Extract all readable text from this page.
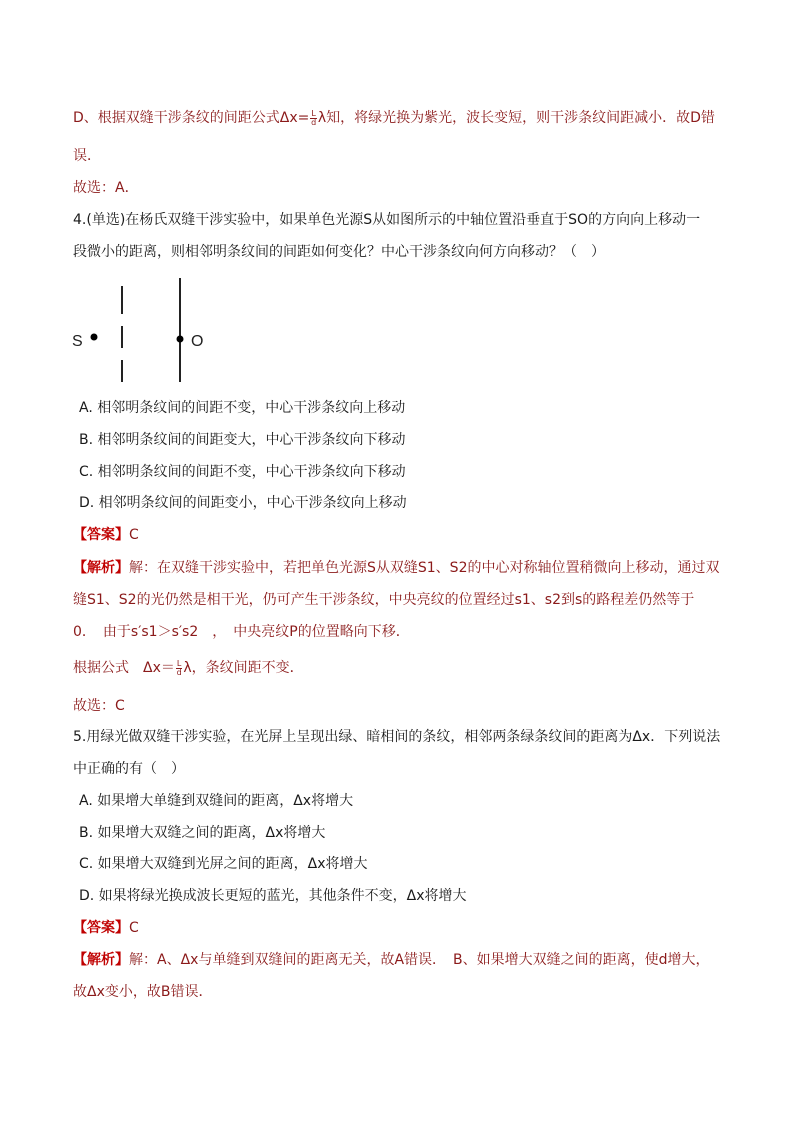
D、根据双缝干涉条纹的间距公式$\Delta x= \frac{L}{d}$ λ知，将绿光换为紫光，波长变短，则干涉条纹间距减小．故D错
误．
故选：A．
4.(单选)在杨氏双缝干涉实验中，如果单色光源S从如图所示的中轴位置沿垂直于SO的方向向上移动一
段微小的距离，则相邻明条纹间的间距如何变化？中心干涉条纹向何方向移动？（　）
S	O
A. 相邻明条纹间的间距不变，中心干涉条纹向上移动
B. 相邻明条纹间的间距变大，中心干涉条纹向下移动
C. 相邻明条纹间的间距不变，中心干涉条纹向下移动
D. 相邻明条纹间的间距变小，中心干涉条纹向上移动
【答案】C
【解析】解：在双缝干涉实验中，若把单色光源S从双缝S1、S2的中心对称轴位置稍微向上移动，通过双
缝S1、S2的光仍然是相干光，仍可产生干涉条纹，中央亮纹的位置经过s1、s2到s的路程差仍然等于
0．　由于s′s1＞s′s2　，　中央亮纹P的位置略向下移．
根据公式　$\Delta x= \frac{L}{d}$ λ，条纹间距不变．
故选：C
5.用绿光做双缝干涉实验，在光屏上呈现出绿、暗相间的条纹，相邻两条绿条纹间的距离为Δx．下列说法
中正确的有（　）
A. 如果增大单缝到双缝间的距离，Δx将增大
B. 如果增大双缝之间的距离，Δx将增大
C. 如果增大双缝到光屏之间的距离，Δx将增大
D. 如果将绿光换成波长更短的蓝光，其他条件不变，Δx将增大
【答案】C
【解析】解：A、Δx与单缝到双缝间的距离无关，故A错误．　B、如果增大双缝之间的距离，使d增大，
故Δx变小，故B错误．
